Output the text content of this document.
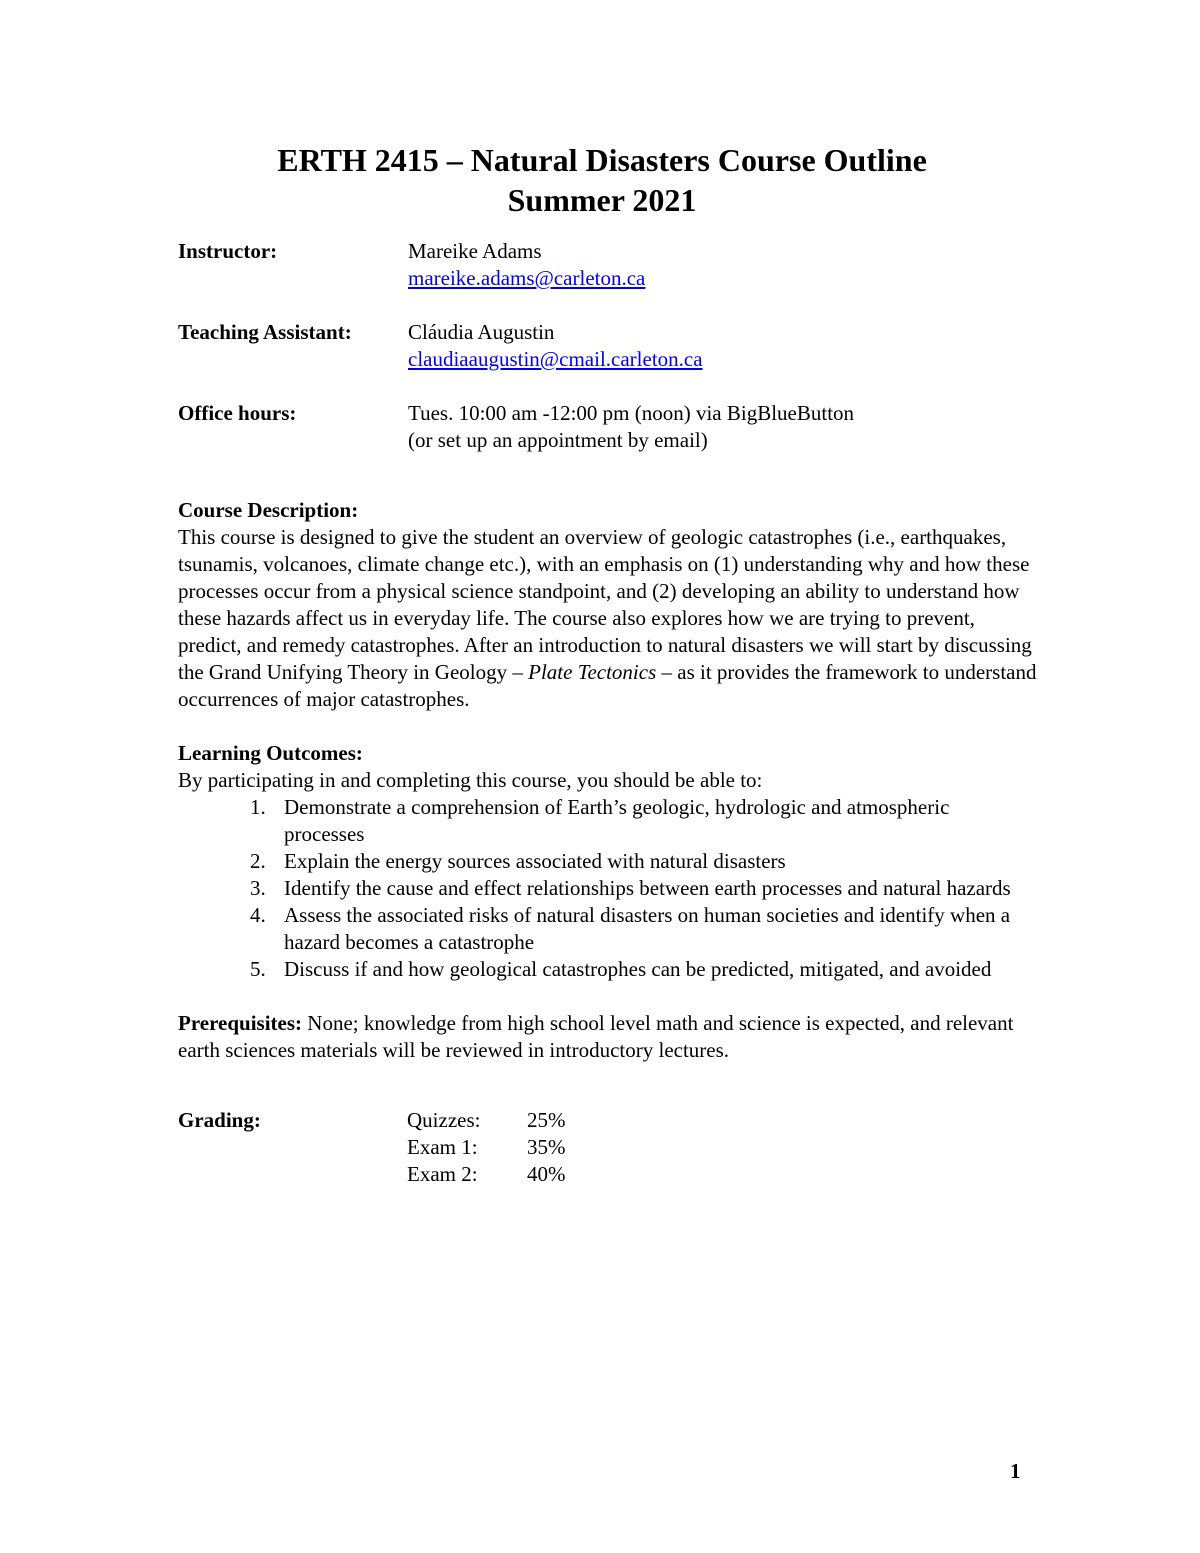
ERTH 2415 – Natural Disasters Course Outline
Summer 2021
Instructor:	Mareike Adams
mareike.adams@carleton.ca
Teaching Assistant:	Cláudia Augustin
claudiaaugustin@cmail.carleton.ca
Office hours:	Tues. 10:00 am -12:00 pm (noon) via BigBlueButton
(or set up an appointment by email)
Course Description:
This course is designed to give the student an overview of geologic catastrophes (i.e., earthquakes, tsunamis, volcanoes, climate change etc.), with an emphasis on (1) understanding why and how these processes occur from a physical science standpoint, and (2) developing an ability to understand how these hazards affect us in everyday life. The course also explores how we are trying to prevent, predict, and remedy catastrophes. After an introduction to natural disasters we will start by discussing the Grand Unifying Theory in Geology – Plate Tectonics – as it provides the framework to understand occurrences of major catastrophes.
Learning Outcomes:
By participating in and completing this course, you should be able to:
1. Demonstrate a comprehension of Earth’s geologic, hydrologic and atmospheric processes
2. Explain the energy sources associated with natural disasters
3. Identify the cause and effect relationships between earth processes and natural hazards
4. Assess the associated risks of natural disasters on human societies and identify when a hazard becomes a catastrophe
5. Discuss if and how geological catastrophes can be predicted, mitigated, and avoided
Prerequisites: None; knowledge from high school level math and science is expected, and relevant earth sciences materials will be reviewed in introductory lectures.
Grading:	Quizzes:	25%
Exam 1:	35%
Exam 2:	40%
1
